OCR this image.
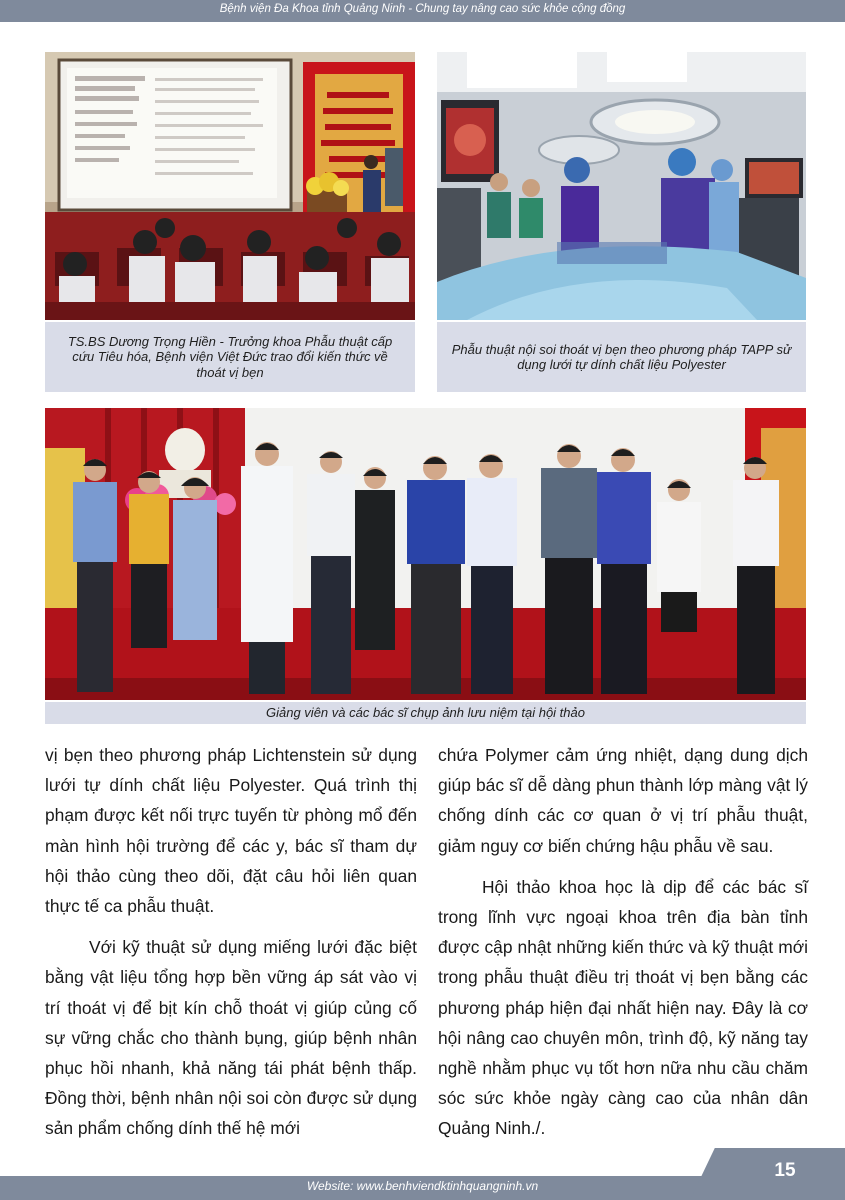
Bệnh viện Đa Khoa tỉnh Quảng Ninh - Chung tay nâng cao sức khỏe cộng đồng
TS.BS Dương Trọng Hiền - Trưởng khoa Phẫu thuật cấp cứu Tiêu hóa, Bệnh viện Việt Đức trao đổi kiến thức về thoát vị bẹn
Phẫu thuật nội soi thoát vị bẹn theo phương pháp TAPP sử dụng lưới tự dính chất liệu Polyester
Giảng viên và các bác sĩ chụp ảnh lưu niệm tại hội thảo

vị bẹn theo phương pháp Lichtenstein sử dụng lưới tự dính chất liệu Polyester. Quá trình thị phạm được kết nối trực tuyến từ phòng mổ đến màn hình hội trường để các y, bác sĩ tham dự hội thảo cùng theo dõi, đặt câu hỏi liên quan thực tế ca phẫu thuật.

Với kỹ thuật sử dụng miếng lưới đặc biệt bằng vật liệu tổng hợp bền vững áp sát vào vị trí thoát vị để bịt kín chỗ thoát vị giúp củng cố sự vững chắc cho thành bụng, giúp bệnh nhân phục hồi nhanh, khả năng tái phát bệnh thấp. Đồng thời, bệnh nhân nội soi còn được sử dụng sản phẩm chống dính thế hệ mới

chứa Polymer cảm ứng nhiệt, dạng dung dịch giúp bác sĩ dễ dàng phun thành lớp màng vật lý chống dính các cơ quan ở vị trí phẫu thuật, giảm nguy cơ biến chứng hậu phẫu về sau.

Hội thảo khoa học là dịp để các bác sĩ trong lĩnh vực ngoại khoa trên địa bàn tỉnh được cập nhật những kiến thức và kỹ thuật mới trong phẫu thuật điều trị thoát vị bẹn bằng các phương pháp hiện đại nhất hiện nay. Đây là cơ hội nâng cao chuyên môn, trình độ, kỹ năng tay nghề nhằm phục vụ tốt hơn nữa nhu cầu chăm sóc sức khỏe ngày càng cao của nhân dân Quảng Ninh./.

15
Website: www.benhviendktinhquangninh.vn
